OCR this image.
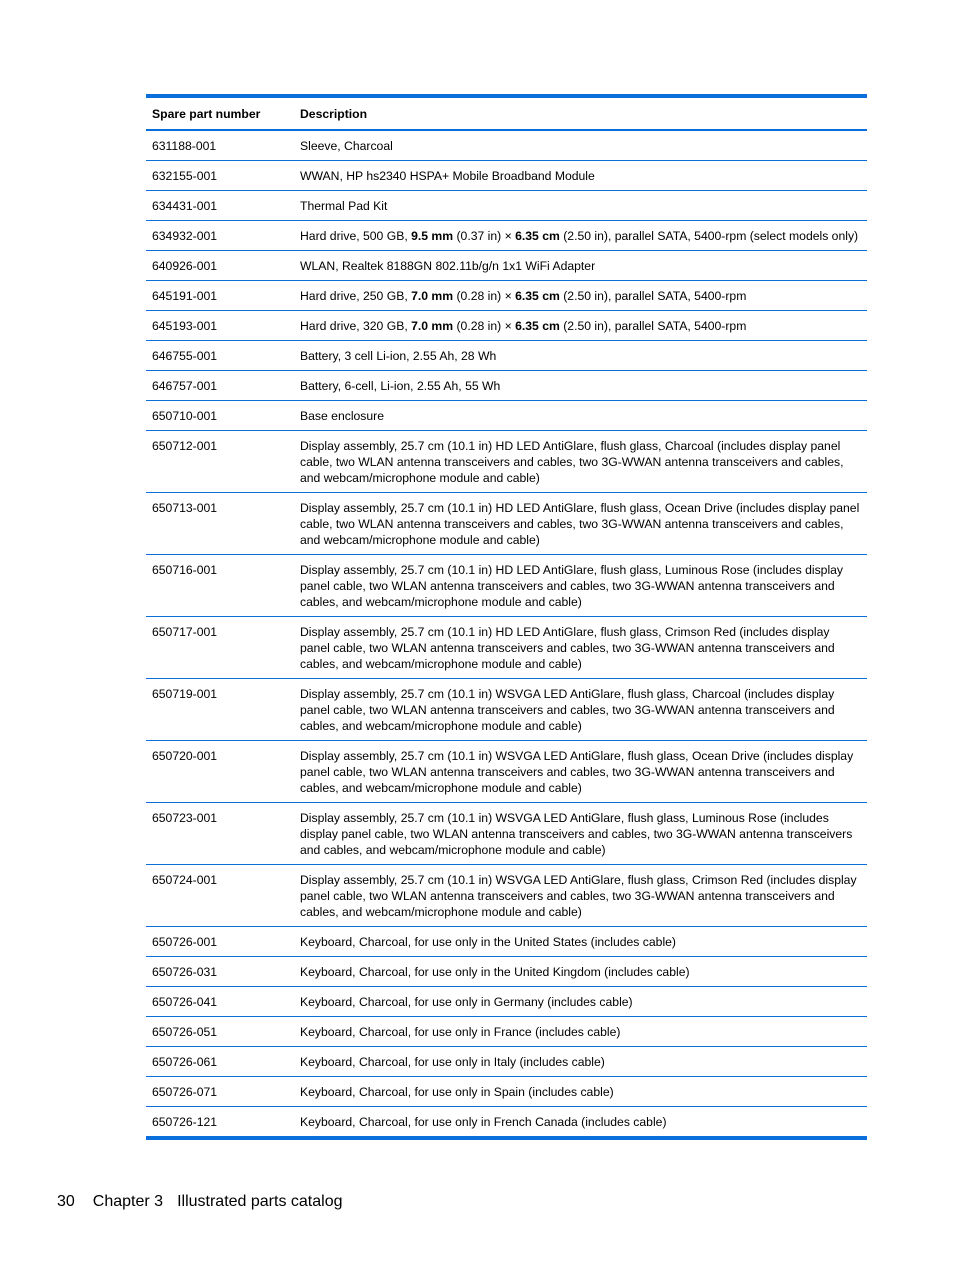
Spare part number	Description
631188-001	Sleeve, Charcoal
632155-001	WWAN, HP hs2340 HSPA+ Mobile Broadband Module
634431-001	Thermal Pad Kit
634932-001	Hard drive, 500 GB, 9.5 mm (0.37 in) × 6.35 cm (2.50 in), parallel SATA, 5400-rpm (select models only)
640926-001	WLAN, Realtek 8188GN 802.11b/g/n 1x1 WiFi Adapter
645191-001	Hard drive, 250 GB, 7.0 mm (0.28 in) × 6.35 cm (2.50 in), parallel SATA, 5400-rpm
645193-001	Hard drive, 320 GB, 7.0 mm (0.28 in) × 6.35 cm (2.50 in), parallel SATA, 5400-rpm
646755-001	Battery, 3 cell Li-ion, 2.55 Ah, 28 Wh
646757-001	Battery, 6-cell, Li-ion, 2.55 Ah, 55 Wh
650710-001	Base enclosure
650712-001	Display assembly, 25.7 cm (10.1 in) HD LED AntiGlare, flush glass, Charcoal (includes display panel cable, two WLAN antenna transceivers and cables, two 3G-WWAN antenna transceivers and cables, and webcam/microphone module and cable)
650713-001	Display assembly, 25.7 cm (10.1 in) HD LED AntiGlare, flush glass, Ocean Drive (includes display panel cable, two WLAN antenna transceivers and cables, two 3G-WWAN antenna transceivers and cables, and webcam/microphone module and cable)
650716-001	Display assembly, 25.7 cm (10.1 in) HD LED AntiGlare, flush glass, Luminous Rose (includes display panel cable, two WLAN antenna transceivers and cables, two 3G-WWAN antenna transceivers and cables, and webcam/microphone module and cable)
650717-001	Display assembly, 25.7 cm (10.1 in) HD LED AntiGlare, flush glass, Crimson Red (includes display panel cable, two WLAN antenna transceivers and cables, two 3G-WWAN antenna transceivers and cables, and webcam/microphone module and cable)
650719-001	Display assembly, 25.7 cm (10.1 in) WSVGA LED AntiGlare, flush glass, Charcoal (includes display panel cable, two WLAN antenna transceivers and cables, two 3G-WWAN antenna transceivers and cables, and webcam/microphone module and cable)
650720-001	Display assembly, 25.7 cm (10.1 in) WSVGA LED AntiGlare, flush glass, Ocean Drive (includes display panel cable, two WLAN antenna transceivers and cables, two 3G-WWAN antenna transceivers and cables, and webcam/microphone module and cable)
650723-001	Display assembly, 25.7 cm (10.1 in) WSVGA LED AntiGlare, flush glass, Luminous Rose (includes display panel cable, two WLAN antenna transceivers and cables, two 3G-WWAN antenna transceivers and cables, and webcam/microphone module and cable)
650724-001	Display assembly, 25.7 cm (10.1 in) WSVGA LED AntiGlare, flush glass, Crimson Red (includes display panel cable, two WLAN antenna transceivers and cables, two 3G-WWAN antenna transceivers and cables, and webcam/microphone module and cable)
650726-001	Keyboard, Charcoal, for use only in the United States (includes cable)
650726-031	Keyboard, Charcoal, for use only in the United Kingdom (includes cable)
650726-041	Keyboard, Charcoal, for use only in Germany (includes cable)
650726-051	Keyboard, Charcoal, for use only in France (includes cable)
650726-061	Keyboard, Charcoal, for use only in Italy (includes cable)
650726-071	Keyboard, Charcoal, for use only in Spain (includes cable)
650726-121	Keyboard, Charcoal, for use only in French Canada (includes cable)
30 Chapter 3 Illustrated parts catalog
